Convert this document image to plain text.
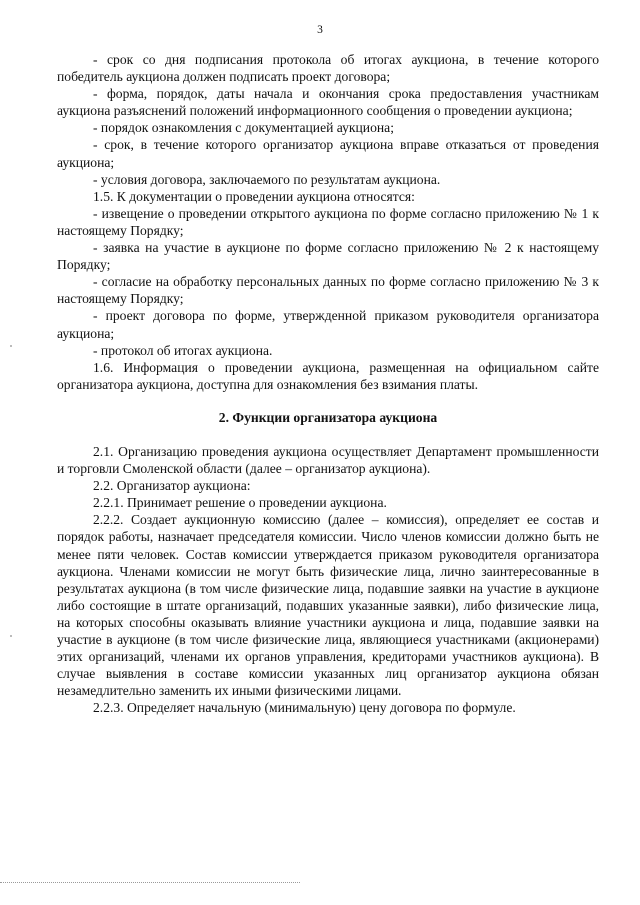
3

- срок со дня подписания протокола об итогах аукциона, в течение которого победитель аукциона должен подписать проект договора;

- форма, порядок, даты начала и окончания срока предоставления участникам аукциона разъяснений положений информационного сообщения о проведении аукциона;

- порядок ознакомления с документацией аукциона;

- срок, в течение которого организатор аукциона вправе отказаться от проведения аукциона;

- условия договора, заключаемого по результатам аукциона.

1.5. К документации о проведении аукциона относятся:

- извещение о проведении открытого аукциона по форме согласно приложению № 1 к настоящему Порядку;

- заявка на участие в аукционе по форме согласно приложению № 2 к настоящему Порядку;

- согласие на обработку персональных данных по форме согласно приложению № 3 к настоящему Порядку;

- проект договора по форме, утвержденной приказом руководителя организатора аукциона;

- протокол об итогах аукциона.

1.6. Информация о проведении аукциона, размещенная на официальном сайте организатора аукциона, доступна для ознакомления без взимания платы.

2. Функции организатора аукциона

2.1. Организацию проведения аукциона осуществляет Департамент промышленности и торговли Смоленской области (далее – организатор аукциона).

2.2. Организатор аукциона:

2.2.1. Принимает решение о проведении аукциона.

2.2.2. Создает аукционную комиссию (далее – комиссия), определяет ее состав и порядок работы, назначает председателя комиссии. Число членов комиссии должно быть не менее пяти человек. Состав комиссии утверждается приказом руководителя организатора аукциона. Членами комиссии не могут быть физические лица, лично заинтересованные в результатах аукциона (в том числе физические лица, подавшие заявки на участие в аукционе либо состоящие в штате организаций, подавших указанные заявки), либо физические лица, на которых способны оказывать влияние участники аукциона и лица, подавшие заявки на участие в аукционе (в том числе физические лица, являющиеся участниками (акционерами) этих организаций, членами их органов управления, кредиторами участников аукциона). В случае выявления в составе комиссии указанных лиц организатор аукциона обязан незамедлительно заменить их иными физическими лицами.

2.2.3. Определяет начальную (минимальную) цену договора по формуле.
